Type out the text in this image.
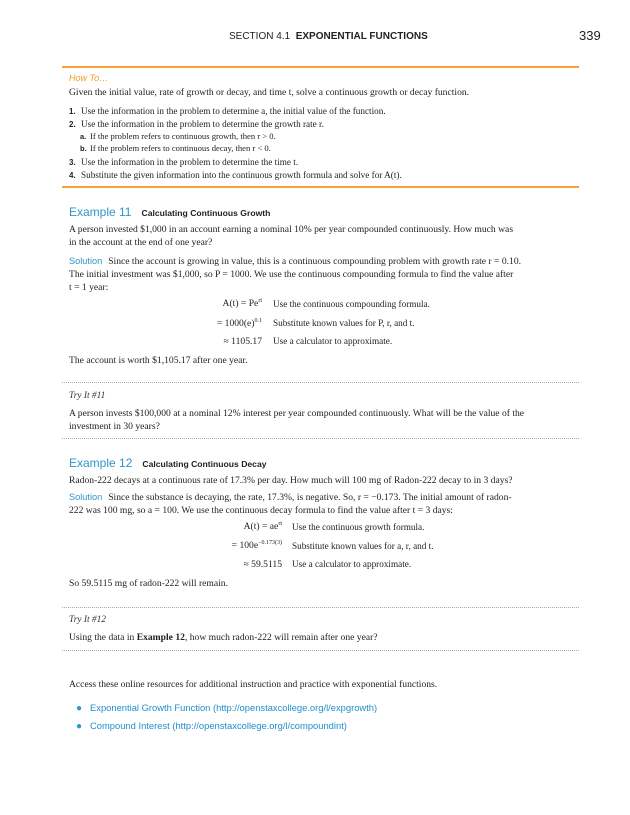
SECTION 4.1 EXPONENTIAL FUNCTIONS	339
How To…
Given the initial value, rate of growth or decay, and time t, solve a continuous growth or decay function.
1. Use the information in the problem to determine a, the initial value of the function.
2. Use the information in the problem to determine the growth rate r.
a. If the problem refers to continuous growth, then r > 0.
b. If the problem refers to continuous decay, then r < 0.
3. Use the information in the problem to determine the time t.
4. Substitute the given information into the continuous growth formula and solve for A(t).
Example 11 Calculating Continuous Growth
A person invested $1,000 in an account earning a nominal 10% per year compounded continuously. How much was
in the account at the end of one year?
Solution Since the account is growing in value, this is a continuous compounding problem with growth rate r = 0.10.
The initial investment was $1,000, so P = 1000. We use the continuous compounding formula to find the value after
t = 1 year:
$A(t) = Pe^{rt}$ Use the continuous compounding formula.
= $1000(e)^{0.1}$ Substitute known values for P, r, and t.
≈ 1105.17 Use a calculator to approximate.
The account is worth $1,105.17 after one year.
Try It #11
A person invests $100,000 at a nominal 12% interest per year compounded continuously. What will be the value of the
investment in 30 years?
Example 12 Calculating Continuous Decay
Radon-222 decays at a continuous rate of 17.3% per day. How much will 100 mg of Radon-222 decay to in 3 days?
Solution Since the substance is decaying, the rate, 17.3%, is negative. So, r = −0.173. The initial amount of radon-
222 was 100 mg, so a = 100. We use the continuous decay formula to find the value after t = 3 days:
$A(t) = ae^{rt}$ Use the continuous growth formula.
= $100e^{-0.173(3)}$ Substitute known values for a, r, and t.
≈ 59.5115 Use a calculator to approximate.
So 59.5115 mg of radon-222 will remain.
Try It #12
Using the data in Example 12, how much radon-222 will remain after one year?
Access these online resources for additional instruction and practice with exponential functions.
● Exponential Growth Function (http://openstaxcollege.org/l/expgrowth)
● Compound Interest (http://openstaxcollege.org/l/compoundint)
